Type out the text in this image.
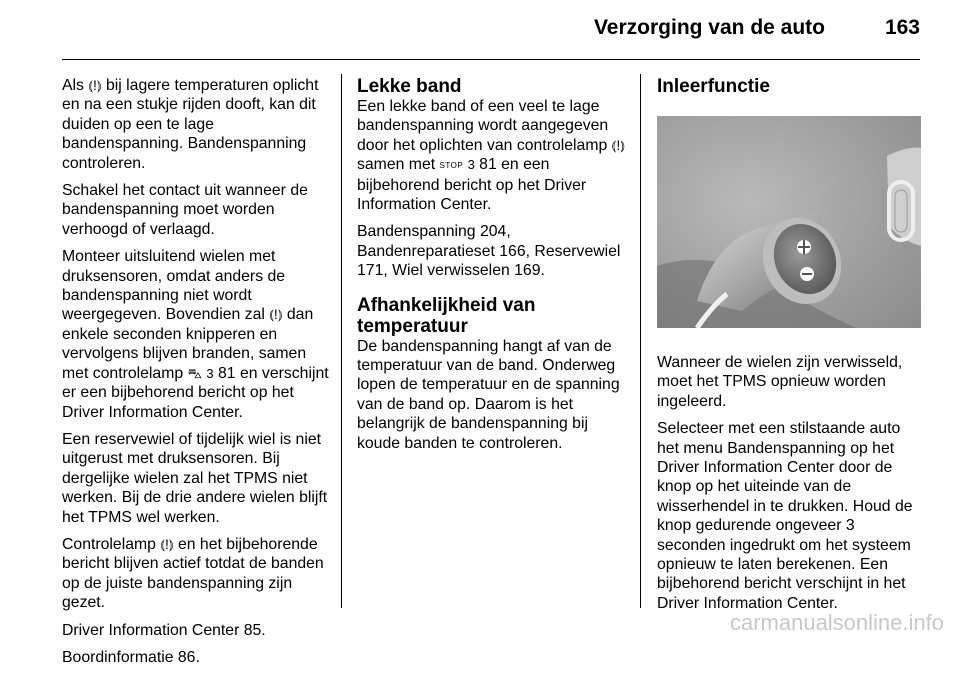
Verzorging van de auto	163

Als ⦅!⦆ bij lagere temperaturen oplicht en na een stukje rijden dooft, kan dit duiden op een te lage bandenspanning. Bandenspanning controleren.

Schakel het contact uit wanneer de bandenspanning moet worden verhoogd of verlaagd.

Monteer uitsluitend wielen met druksensoren, omdat anders de bandenspanning niet wordt weergegeven. Bovendien zal ⦅!⦆ dan enkele seconden knipperen en vervolgens blijven branden, samen met controlelamp ⛍ 3 81 en verschijnt er een bijbehorend bericht op het Driver Information Center.

Een reservewiel of tijdelijk wiel is niet uitgerust met druksensoren. Bij dergelijke wielen zal het TPMS niet werken. Bij de drie andere wielen blijft het TPMS wel werken.

Controlelamp ⦅!⦆ en het bijbehorende bericht blijven actief totdat de banden op de juiste bandenspanning zijn gezet.

Driver Information Center 85.

Boordinformatie 86.

Lekke band

Een lekke band of een veel te lage bandenspanning wordt aangegeven door het oplichten van controlelamp ⦅!⦆ samen met STOP 3 81 en een bijbehorend bericht op het Driver Information Center.

Bandenspanning 204, Bandenreparatieset 166, Reservewiel 171, Wiel verwisselen 169.

Afhankelijkheid van temperatuur

De bandenspanning hangt af van de temperatuur van de band. Onderweg lopen de temperatuur en de spanning van de band op. Daarom is het belangrijk de bandenspanning bij koude banden te controleren.

Inleerfunctie

Wanneer de wielen zijn verwisseld, moet het TPMS opnieuw worden ingeleerd.

Selecteer met een stilstaande auto het menu Bandenspanning op het Driver Information Center door de knop op het uiteinde van de wisserhendel in te drukken. Houd de knop gedurende ongeveer 3 seconden ingedrukt om het systeem opnieuw te laten berekenen. Een bijbehorend bericht verschijnt in het Driver Information Center.

carmanualsonline.info
